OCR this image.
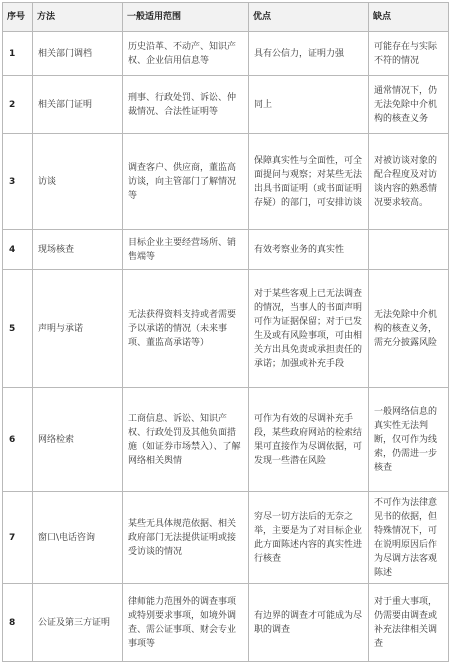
序号	方法	一般适用范围	优点	缺点
1	相关部门调档	历史沿革、不动产、知识产权、企业信用信息等	具有公信力，证明力强	可能存在与实际不符的情况

2	相关部门证明	刑事、行政处罚、诉讼、仲裁情况、合法性证明等	同上	通常情况下，仍无法免除中介机构的核查义务

3	访谈	调查客户、供应商，董监高访谈，向主管部门了解情况等	保障真实性与全面性，可全面提问与观察；对某些无法出具书面证明（或书面证明存疑）的部门，可安排访谈	对被访谈对象的配合程度及对访谈内容的熟悉情况要求较高。

4	现场核查	目标企业主要经营场所、销售端等	有效考察业务的真实性	

5	声明与承诺	无法获得资料支持或者需要予以承诺的情况（未来事项、董监高承诺等）	对于某些客观上已无法调查的情况，当事人的书面声明可作为证据保留；对于已发生及或有风险事项，可由相关方出具免责或承担责任的承诺；加强或补充手段	无法免除中介机构的核查义务，需充分披露风险

6	网络检索	工商信息、诉讼、知识产权、行政处罚及其他负面措施（如证券市场禁入）、了解网络相关舆情	可作为有效的尽调补充手段，某些政府网站的检索结果可直接作为尽调依据，可发现一些潜在风险	一般网络信息的真实性无法判断，仅可作为线索，仍需进一步核查

7	窗口\电话咨询	某些无具体规范依据、相关政府部门无法提供证明或接受访谈的情况	穷尽一切方法后的无奈之举，主要是为了对目标企业此方面陈述内容的真实性进行核查	不可作为法律意见书的依据，但特殊情况下，可在说明原因后作为尽调方法客观陈述

8	公证及第三方证明	律师能力范围外的调查事项或特别要求事项，如境外调查、需公证事项、财会专业事项等	有边界的调查才可能成为尽职的调查	对于重大事项，仍需要由调查或补充法律相关调查
